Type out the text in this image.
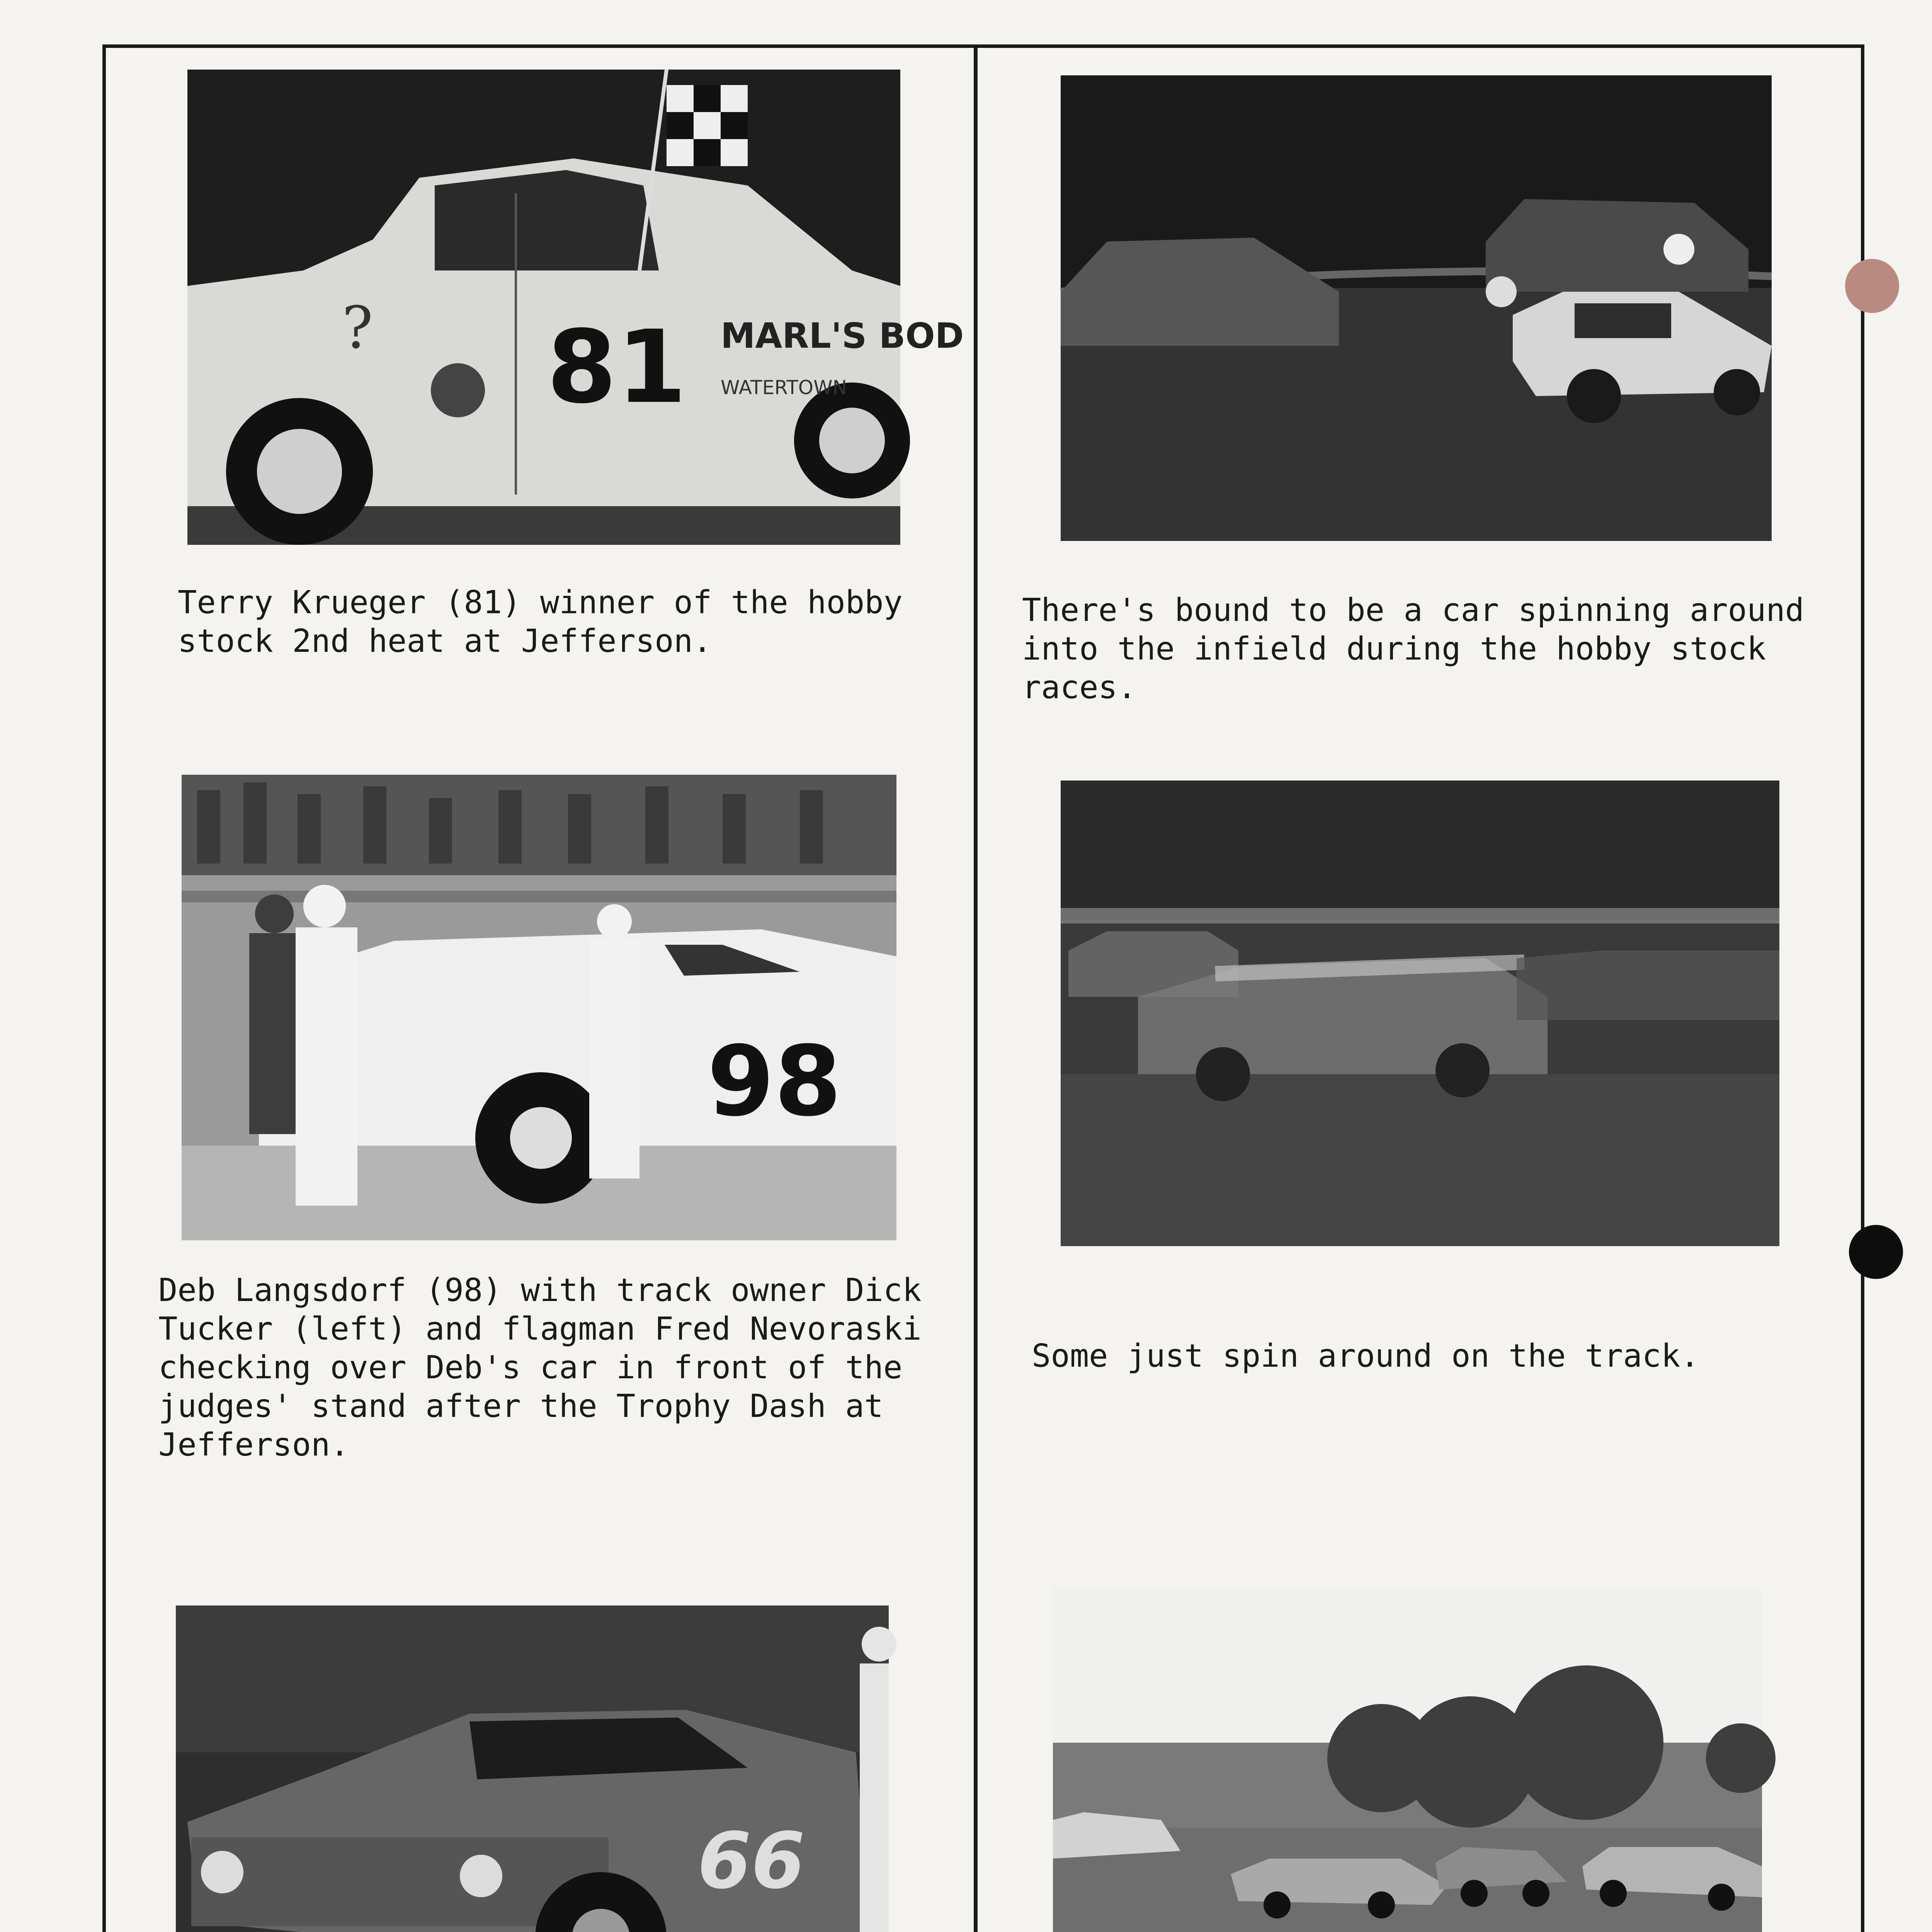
? 81 MARL'S BOD
WATERTOWN
Terry Krueger (81) winner of the hobby
stock 2nd heat at Jefferson.
There's bound to be a car spinning around
into the infield during the hobby stock
races.
98
Deb Langsdorf (98) with track owner Dick
Tucker (left) and flagman Fred Nevoraski
checking over Deb's car in front of the
judges' stand after the Trophy Dash at
Jefferson.
Some just spin around on the track.
66
